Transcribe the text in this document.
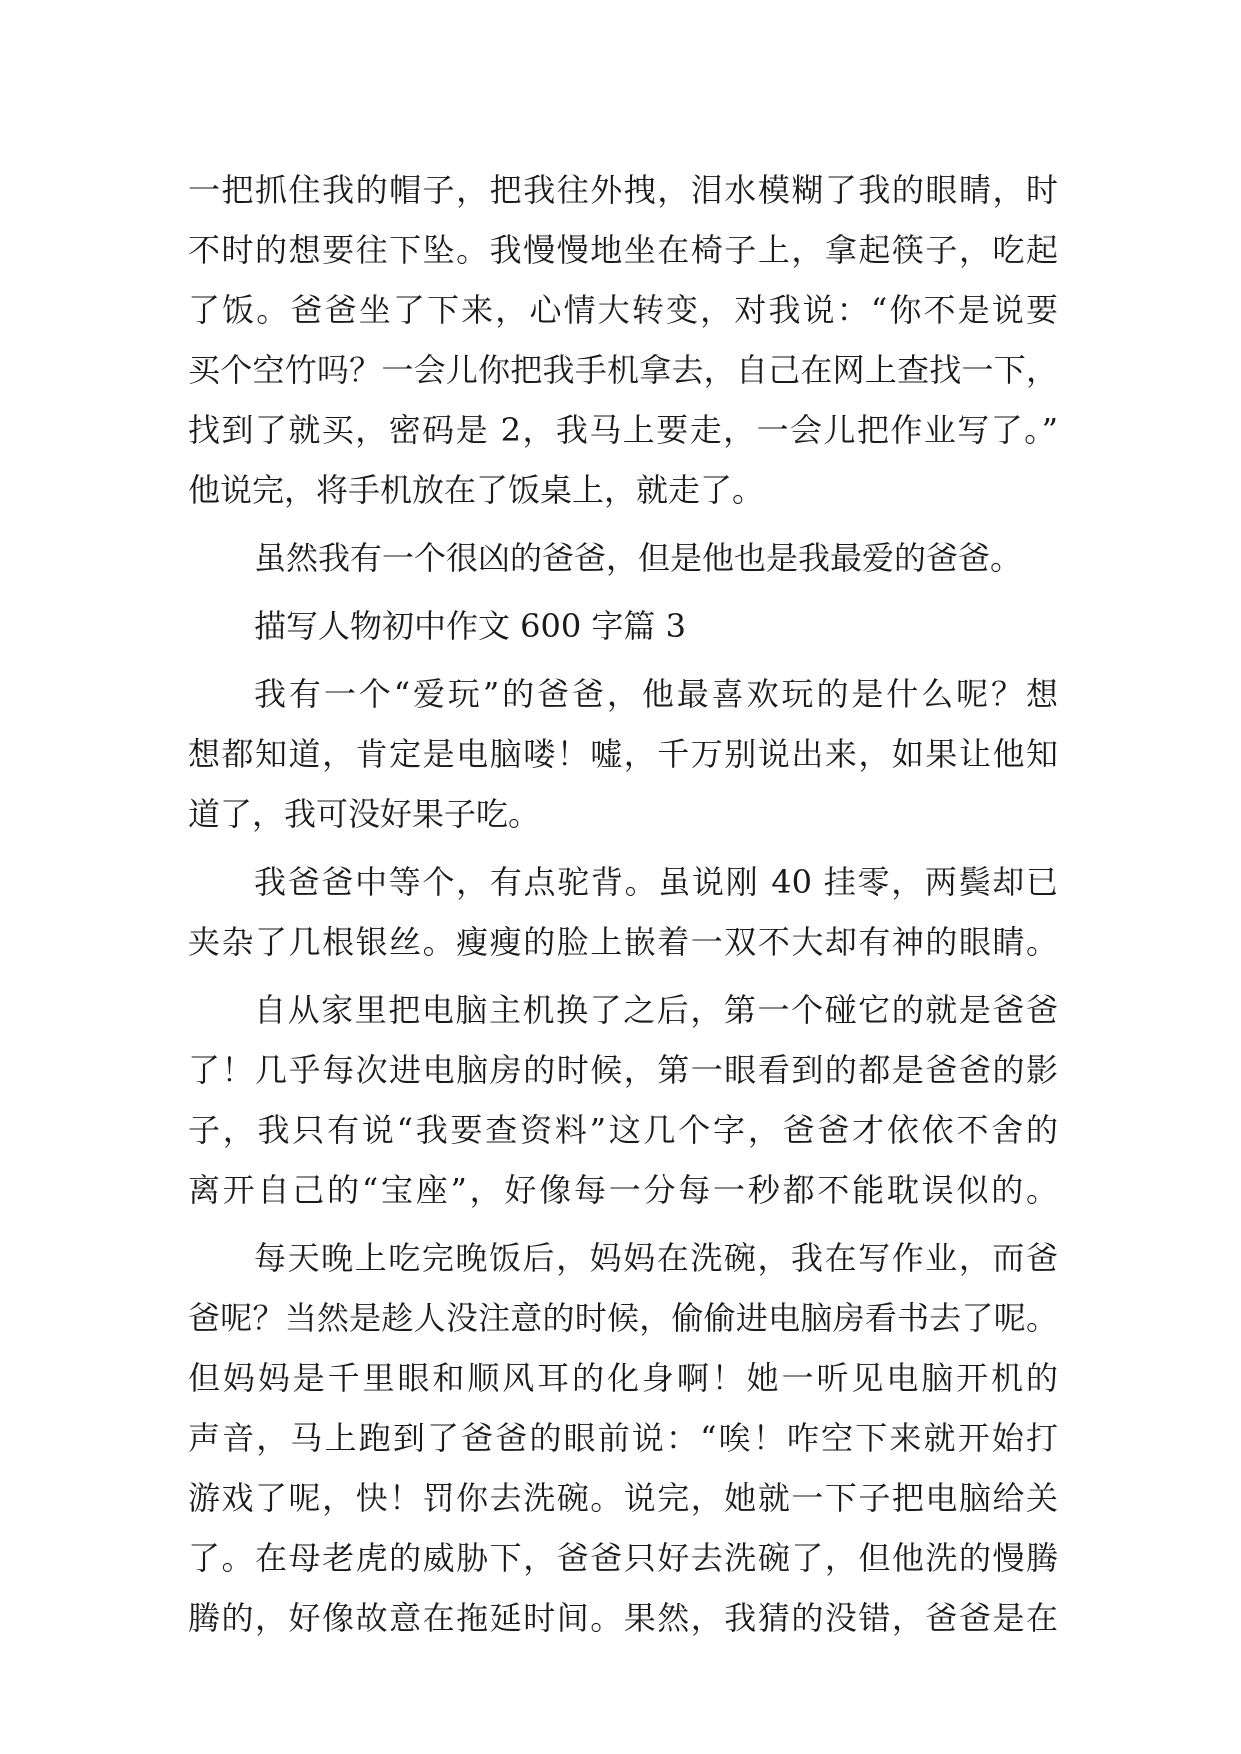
一把抓住我的帽子，把我往外拽，泪水模糊了我的眼睛，时
不时的想要往下坠。我慢慢地坐在椅子上，拿起筷子，吃起
了饭。爸爸坐了下来，心情大转变，对我说：“你不是说要
买个空竹吗？一会儿你把我手机拿去，自己在网上查找一下，
找到了就买，密码是 2，我马上要走，一会儿把作业写了。”
他说完，将手机放在了饭桌上，就走了。
虽然我有一个很凶的爸爸，但是他也是我最爱的爸爸。
描写人物初中作文 600 字篇 3
我有一个“爱玩”的爸爸，他最喜欢玩的是什么呢？想
想都知道，肯定是电脑喽！嘘，千万别说出来，如果让他知
道了，我可没好果子吃。
我爸爸中等个，有点驼背。虽说刚 40 挂零，两鬓却已
夹杂了几根银丝。瘦瘦的脸上嵌着一双不大却有神的眼睛。
自从家里把电脑主机换了之后，第一个碰它的就是爸爸
了！几乎每次进电脑房的时候，第一眼看到的都是爸爸的影
子，我只有说“我要查资料”这几个字，爸爸才依依不舍的
离开自己的“宝座”，好像每一分每一秒都不能耽误似的。
每天晚上吃完晚饭后，妈妈在洗碗，我在写作业，而爸
爸呢？当然是趁人没注意的时候，偷偷进电脑房看书去了呢。
但妈妈是千里眼和顺风耳的化身啊！她一听见电脑开机的
声音，马上跑到了爸爸的眼前说：“唉！咋空下来就开始打
游戏了呢，快！罚你去洗碗。说完，她就一下子把电脑给关
了。在母老虎的威胁下，爸爸只好去洗碗了，但他洗的慢腾
腾的，好像故意在拖延时间。果然，我猜的没错，爸爸是在
